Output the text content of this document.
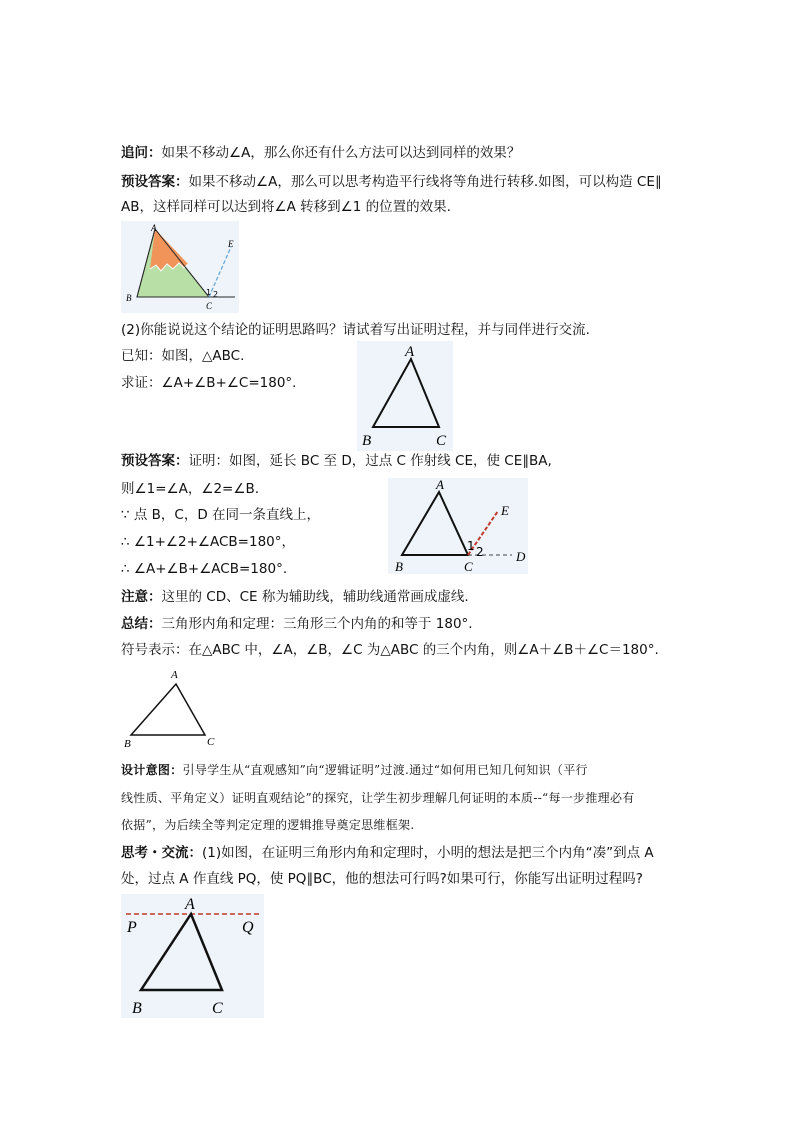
追问：如果不移动∠A，那么你还有什么方法可以达到同样的效果？
预设答案：如果不移动∠A，那么可以思考构造平行线将等角进行转移.如图，可以构造 CE∥
AB，这样同样可以达到将∠A 转移到∠1 的位置的效果.
A
B
C
E
1 2
(2)你能说说这个结论的证明思路吗？请试着写出证明过程，并与同伴进行交流.
已知：如图，△ABC.
求证：∠A+∠B+∠C=180°.
A
B	C
预设答案：证明：如图，延长 BC 至 D，过点 C 作射线 CE，使 CE∥BA,
则∠1=∠A，∠2=∠B.
∵ 点 B，C，D 在同一条直线上，
∴ ∠1+∠2+∠ACB=180°，
∴ ∠A+∠B+∠ACB=180°.
A
B	C
D
E
1 2
注意：这里的 CD、CE 称为辅助线，辅助线通常画成虚线.
总结：三角形内角和定理：三角形三个内角的和等于 180°.
符号表示：在△ABC 中，∠A，∠B，∠C 为△ABC 的三个内角，则∠A＋∠B＋∠C＝180°.
A
B	C
设计意图：引导学生从“直观感知”向“逻辑证明”过渡.通过“如何用已知几何知识（平行
线性质、平角定义）证明直观结论”的探究，让学生初步理解几何证明的本质--“每一步推理必有
依据”，为后续全等判定定理的逻辑推导奠定思维框架.
思考・交流：(1)如图，在证明三角形内角和定理时，小明的想法是把三个内角“凑”到点 A
处，过点 A 作直线 PQ，使 PQ∥BC，他的想法可行吗?如果可行，你能写出证明过程吗?
A
B	C
P	Q
